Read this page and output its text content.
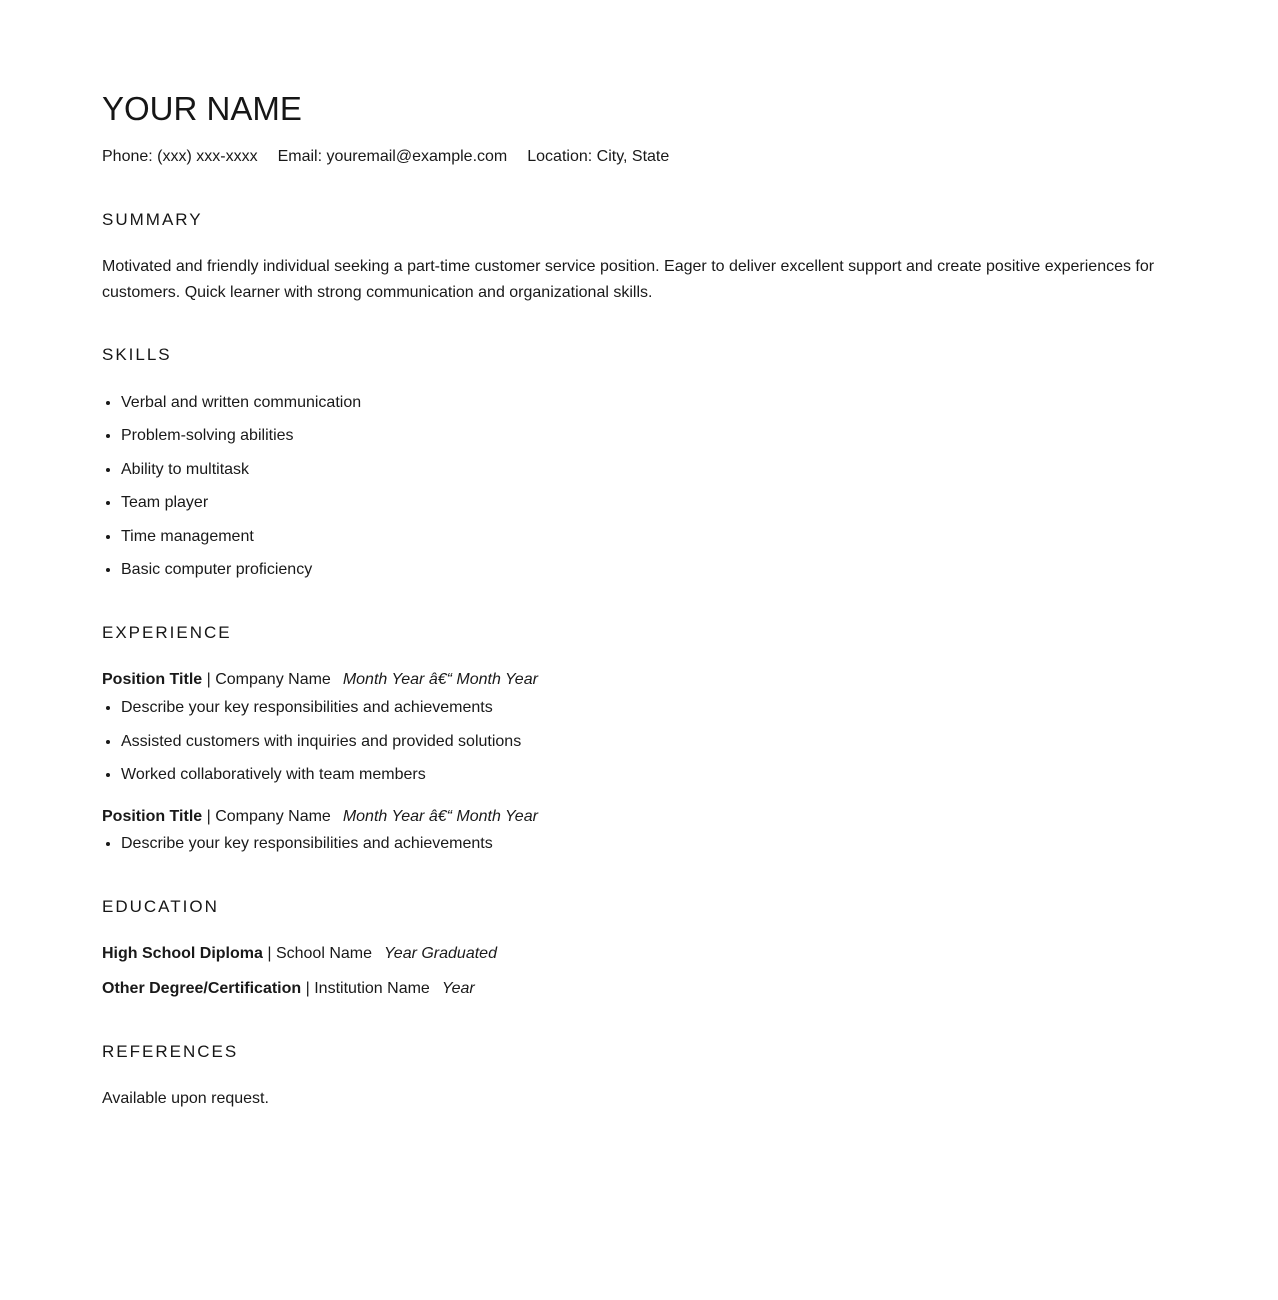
YOUR NAME

Phone: (xxx) xxx-xxxx Email: youremail@example.com Location: City, State

SUMMARY

Motivated and friendly individual seeking a part-time customer service position. Eager to deliver excellent support and create positive experiences for customers. Quick learner with strong communication and organizational skills.

SKILLS
• Verbal and written communication
• Problem-solving abilities
• Ability to multitask
• Team player
• Time management
• Basic computer proficiency
EXPERIENCE

Position Title | Company Name Month Year â€“ Month Year

• Describe your key responsibilities and achievements
• Assisted customers with inquiries and provided solutions
• Worked collaboratively with team members

Position Title | Company Name Month Year â€“ Month Year

• Describe your key responsibilities and achievements
EDUCATION

High School Diploma | School Name Year Graduated

Other Degree/Certification | Institution Name Year

REFERENCES

Available upon request.
